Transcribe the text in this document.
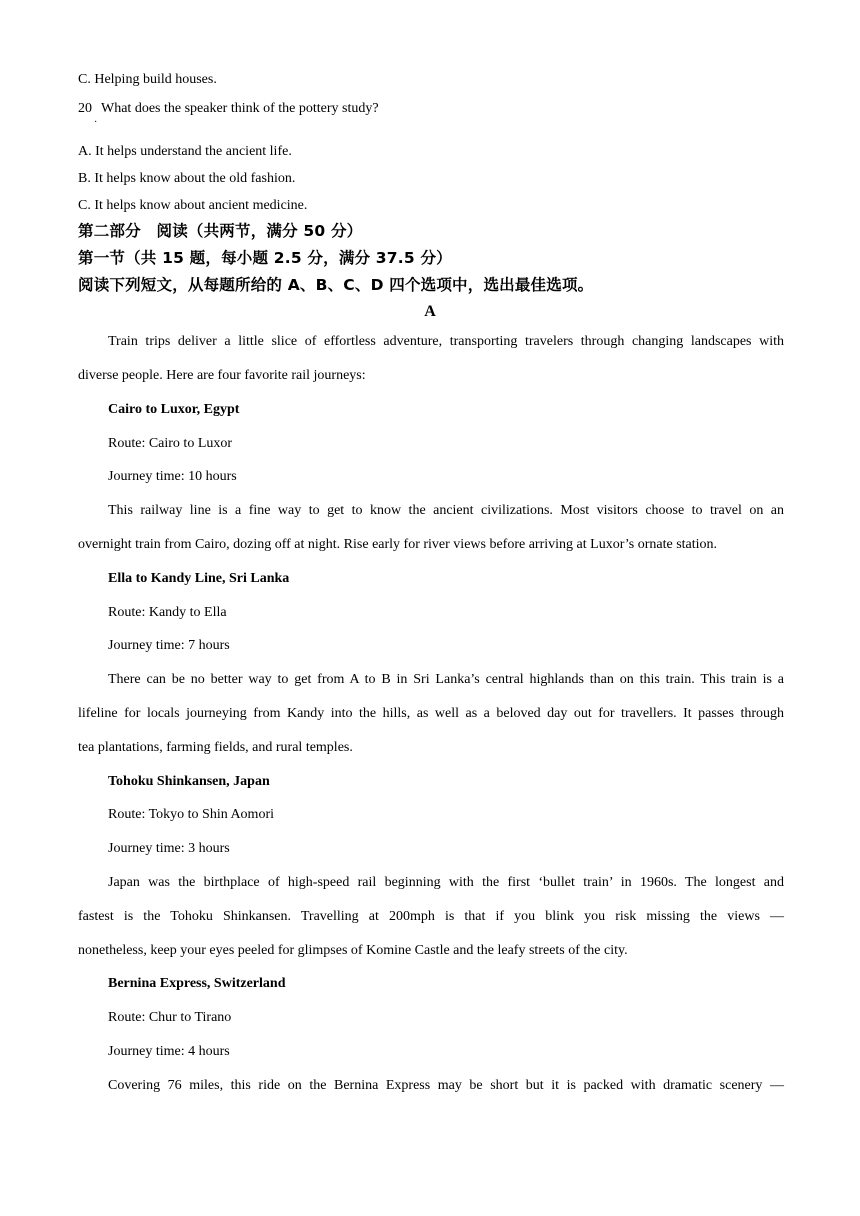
C. Helping build houses.
20 What does the speaker think of the pottery study?
·
A. It helps understand the ancient life.
B. It helps know about the old fashion.
C. It helps know about ancient medicine.
第二部分　阅读（共两节，满分 50 分）
第一节（共 15 题，每小题 2.5 分，满分 37.5 分）
阅读下列短文，从每题所给的 A、B、C、D 四个选项中，选出最佳选项。
A
Train trips deliver a little slice of effortless adventure, transporting travelers through changing landscapes with
diverse people. Here are four favorite rail journeys:
Cairo to Luxor, Egypt
Route: Cairo to Luxor
Journey time: 10 hours
This railway line is a fine way to get to know the ancient civilizations. Most visitors choose to travel on an
overnight train from Cairo, dozing off at night. Rise early for river views before arriving at Luxor’s ornate station.
Ella to Kandy Line, Sri Lanka
Route: Kandy to Ella
Journey time: 7 hours
There can be no better way to get from A to B in Sri Lanka’s central highlands than on this train. This train is a
lifeline for locals journeying from Kandy into the hills, as well as a beloved day out for travellers. It passes through
tea plantations, farming fields, and rural temples.
Tohoku Shinkansen, Japan
Route: Tokyo to Shin Aomori
Journey time: 3 hours
Japan was the birthplace of high-speed rail beginning with the first ‘bullet train’ in 1960s. The longest and
fastest is the Tohoku Shinkansen. Travelling at 200mph is that if you blink you risk missing the views —
nonetheless, keep your eyes peeled for glimpses of Komine Castle and the leafy streets of the city.
Bernina Express, Switzerland
Route: Chur to Tirano
Journey time: 4 hours
Covering 76 miles, this ride on the Bernina Express may be short but it is packed with dramatic scenery —
